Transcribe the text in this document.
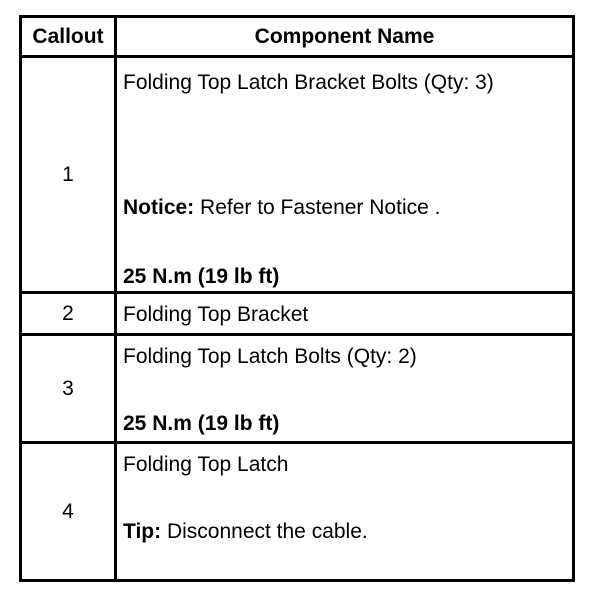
Callout	Component Name
1
Folding Top Latch Bracket Bolts (Qty: 3)
Notice: Refer to Fastener Notice .
25 N.m (19 lb ft)
2	Folding Top Bracket
3
Folding Top Latch Bolts (Qty: 2)
25 N.m (19 lb ft)
4
Folding Top Latch
Tip: Disconnect the cable.
